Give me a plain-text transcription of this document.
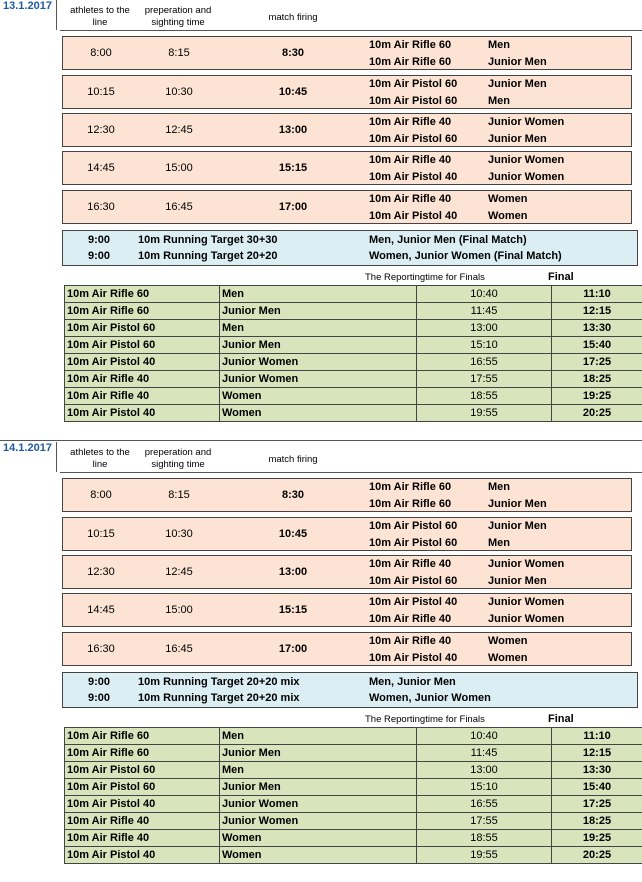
13.1.2017	athletes to the line
preperation and sighting time	match firing
8:00	8:15	8:30
10m Air Rifle 60	Men
10m Air Rifle 60	Junior Men
10:15	10:30	10:45
10m Air Pistol 60	Junior Men
10m Air Pistol 60	Men
12:30	12:45	13:00
10m Air Rifle 40	Junior Women
10m Air Pistol 60	Junior Men
14:45	15:00	15:15
10m Air Rifle 40	Junior Women
10m Air Pistol 40	Junior Women
16:30	16:45	17:00
10m Air Rifle 40	Women
10m Air Pistol 40	Women
9:00	10m Running Target 30+30	Men, Junior Men (Final Match)
9:00	10m Running Target 20+20	Women, Junior Women (Final Match)
The Reportingtime for Finals	Final
10m Air Rifle 60	Men	10:40	11:10
10m Air Rifle 60	Junior Men	11:45	12:15
10m Air Pistol 60	Men	13:00	13:30
10m Air Pistol 60	Junior Men	15:10	15:40
10m Air Pistol 40	Junior Women	16:55	17:25
10m Air Rifle 40	Junior Women	17:55	18:25
10m Air Rifle 40	Women	18:55	19:25
10m Air Pistol 40	Women	19:55	20:25
14.1.2017	athletes to the line
preperation and sighting time	match firing
8:00	8:15	8:30
10m Air Rifle 60	Men
10m Air Rifle 60	Junior Men
10:15	10:30	10:45
10m Air Pistol 60	Junior Men
10m Air Pistol 60	Men
12:30	12:45	13:00
10m Air Rifle 40	Junior Women
10m Air Pistol 60	Junior Men
14:45	15:00	15:15
10m Air Pistol 40	Junior Women
10m Air Rifle 40	Junior Women
16:30	16:45	17:00
10m Air Rifle 40	Women
10m Air Pistol 40	Women
9:00	10m Running Target 20+20 mix	Men, Junior Men
9:00	10m Running Target 20+20 mix	Women, Junior Women
The Reportingtime for Finals	Final
10m Air Rifle 60	Men	10:40	11:10
10m Air Rifle 60	Junior Men	11:45	12:15
10m Air Pistol 60	Men	13:00	13:30
10m Air Pistol 60	Junior Men	15:10	15:40
10m Air Pistol 40	Junior Women	16:55	17:25
10m Air Rifle 40	Junior Women	17:55	18:25
10m Air Rifle 40	Women	18:55	19:25
10m Air Pistol 40	Women	19:55	20:25
